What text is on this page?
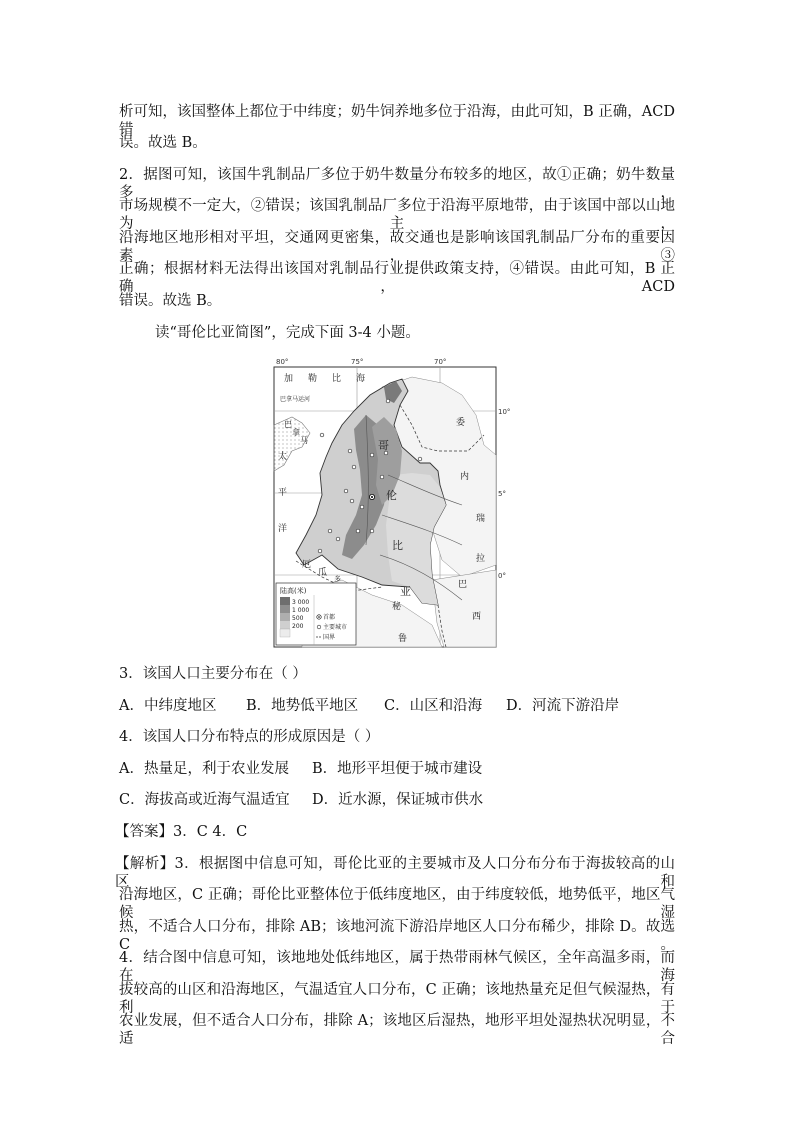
析可知，该国整体上都位于中纬度；奶牛饲养地多位于沿海，由此可知，B 正确，ACD 错
误。故选 B。
2．据图可知，该国牛乳制品厂多位于奶牛数量分布较多的地区，故①正确；奶牛数量多，
市场规模不一定大，②错误；该国乳制品厂多位于沿海平原地带，由于该国中部以山地为主，
沿海地区地形相对平坦，交通网更密集，故交通也是影响该国乳制品厂分布的重要因素，③
正确；根据材料无法得出该国对乳制品行业提供政策支持，④错误。由此可知，B 正确，ACD
错误。故选 B。
读“哥伦比亚简图”，完成下面 3-4 小题。
80°	75°	70°
10°
5°
0°
加 勒 比 海
巴拿马运河
巴
拿
马
太
平
洋
哥
伦
比
亚
委
内
瑞
拉
厄
瓜
多
秘
鲁
巴
西
陆高(米)
3 000
1 000
500
200
首都
主要城市
国界
3．该国人口主要分布在（ ）
A．中纬度地区 B．地势低平地区 C．山区和沿海 D．河流下游沿岸
4．该国人口分布特点的形成原因是（ ）
A．热量足，利于农业发展 B．地形平坦便于城市建设
C．海拔高或近海气温适宜 D．近水源，保证城市供水
【答案】3．C 4．C
【解析】3．根据图中信息可知，哥伦比亚的主要城市及人口分布分布于海拔较高的山区和
沿海地区，C 正确；哥伦比亚整体位于低纬度地区，由于纬度较低，地势低平，地区气候湿
热，不适合人口分布，排除 AB；该地河流下游沿岸地区人口分布稀少，排除 D。故选 C。
4．结合图中信息可知，该地地处低纬地区，属于热带雨林气候区，全年高温多雨，而在海
拔较高的山区和沿海地区，气温适宜人口分布，C 正确；该地热量充足但气候湿热，有利于
农业发展，但不适合人口分布，排除 A；该地区后湿热，地形平坦处湿热状况明显，不适合
